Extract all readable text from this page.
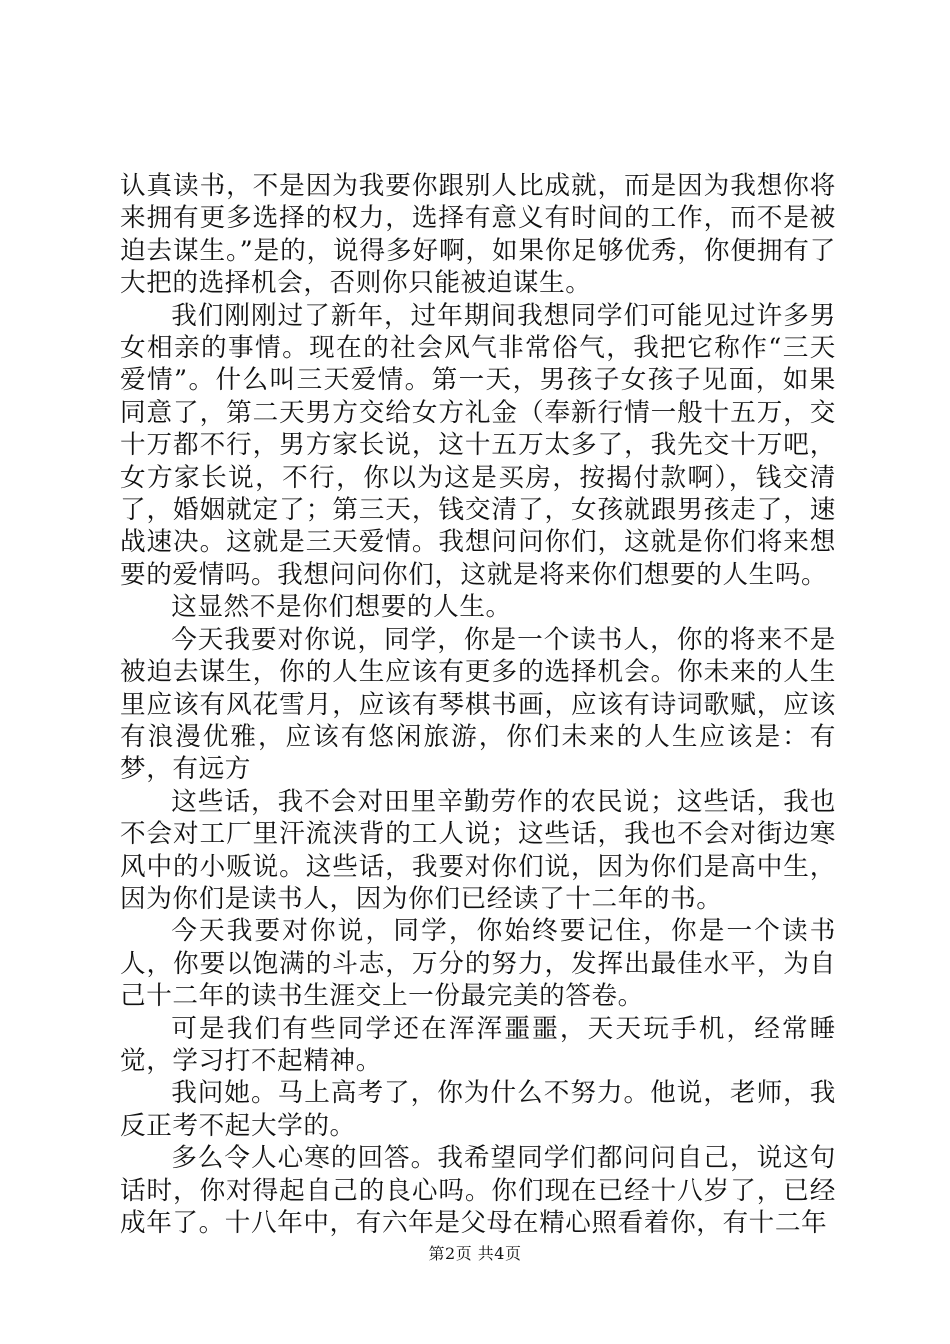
认真读书，不是因为我要你跟别人比成就，而是因为我想你将来拥有更多选择的权力，选择有意义有时间的工作，而不是被迫去谋生。”是的，说得多好啊，如果你足够优秀，你便拥有了大把的选择机会，否则你只能被迫谋生。

我们刚刚过了新年，过年期间我想同学们可能见过许多男女相亲的事情。现在的社会风气非常俗气，我把它称作“三天爱情”。什么叫三天爱情。第一天，男孩子女孩子见面，如果同意了，第二天男方交给女方礼金（奉新行情一般十五万，交十万都不行，男方家长说，这十五万太多了，我先交十万吧，女方家长说，不行，你以为这是买房，按揭付款啊），钱交清了，婚姻就定了；第三天，钱交清了，女孩就跟男孩走了，速战速决。这就是三天爱情。我想问问你们，这就是你们将来想要的爱情吗。我想问问你们，这就是将来你们想要的人生吗。

这显然不是你们想要的人生。

今天我要对你说，同学，你是一个读书人，你的将来不是被迫去谋生，你的人生应该有更多的选择机会。你未来的人生里应该有风花雪月，应该有琴棋书画，应该有诗词歌赋，应该有浪漫优雅，应该有悠闲旅游，你们未来的人生应该是：有梦，有远方

这些话，我不会对田里辛勤劳作的农民说；这些话，我也不会对工厂里汗流浃背的工人说；这些话，我也不会对街边寒风中的小贩说。这些话，我要对你们说，因为你们是高中生，因为你们是读书人，因为你们已经读了十二年的书。

今天我要对你说，同学，你始终要记住，你是一个读书人，你要以饱满的斗志，万分的努力，发挥出最佳水平，为自己十二年的读书生涯交上一份最完美的答卷。

可是我们有些同学还在浑浑噩噩，天天玩手机，经常睡觉，学习打不起精神。

我问她。马上高考了，你为什么不努力。他说，老师，我反正考不起大学的。

多么令人心寒的回答。我希望同学们都问问自己，说这句话时，你对得起自己的良心吗。你们现在已经十八岁了，已经成年了。十八年中，有六年是父母在精心照看着你，有十二年

第2页 共4页
